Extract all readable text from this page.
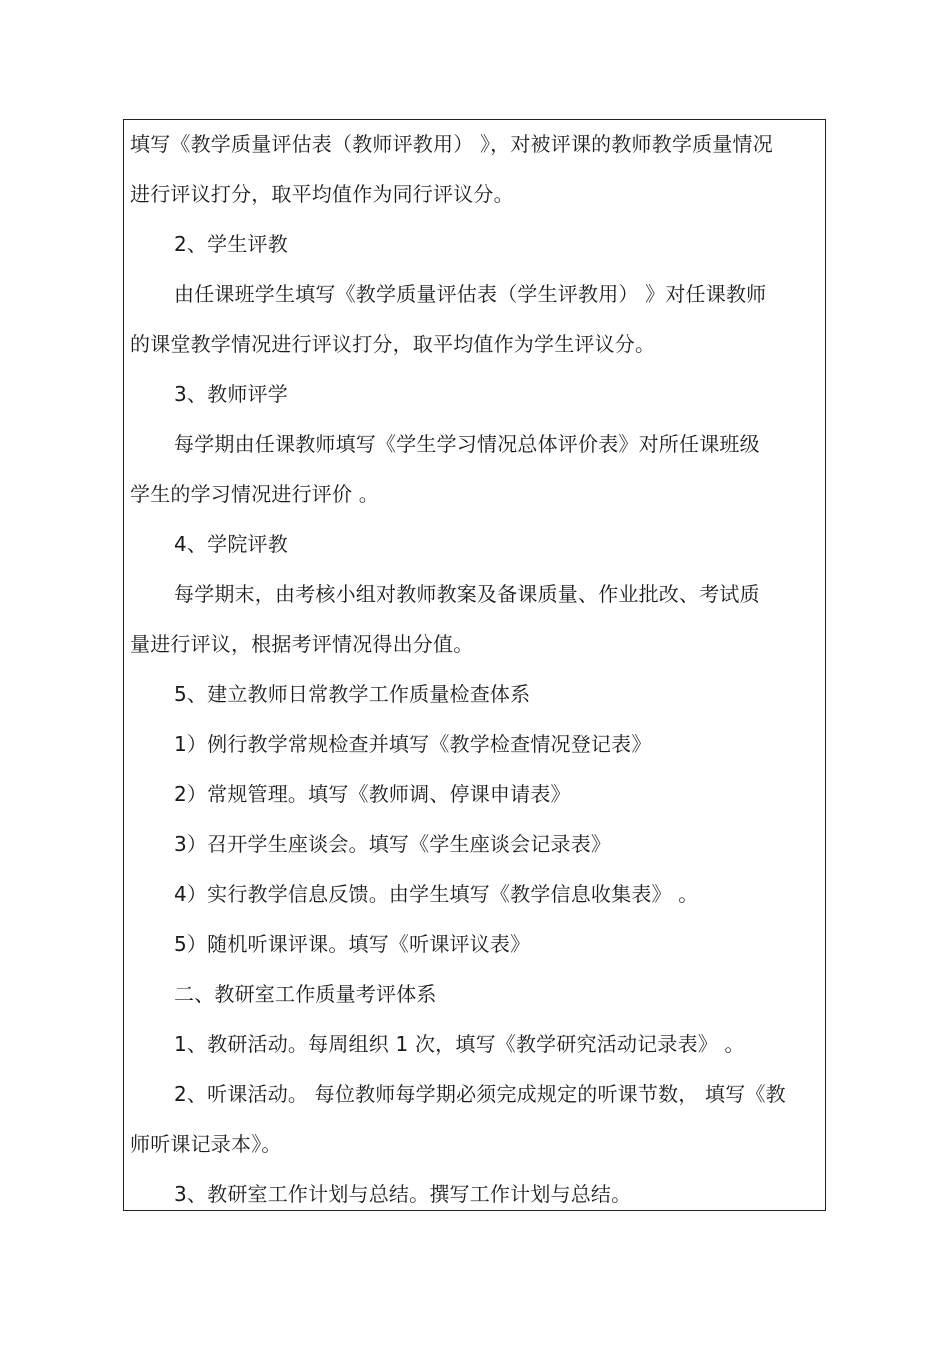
填写《教学质量评估表（教师评教用） 》，对被评课的教师教学质量情况
进行评议打分，取平均值作为同行评议分。
2、学生评教
由任课班学生填写《教学质量评估表（学生评教用） 》对任课教师
的课堂教学情况进行评议打分，取平均值作为学生评议分。
3、教师评学
每学期由任课教师填写《学生学习情况总体评价表》对所任课班级
学生的学习情况进行评价 。
4、学院评教
每学期末，由考核小组对教师教案及备课质量、作业批改、考试质
量进行评议，根据考评情况得出分值。
5、建立教师日常教学工作质量检查体系
1）例行教学常规检查并填写《教学检查情况登记表》
2）常规管理。填写《教师调、停课申请表》
3）召开学生座谈会。填写《学生座谈会记录表》
4）实行教学信息反馈。由学生填写《教学信息收集表》 。
5）随机听课评课。填写《听课评议表》
二、教研室工作质量考评体系
1、教研活动。每周组织 1 次，填写《教学研究活动记录表》 。
2、听课活动。 每位教师每学期必须完成规定的听课节数， 填写《教
师听课记录本》。
3、教研室工作计划与总结。撰写工作计划与总结。
